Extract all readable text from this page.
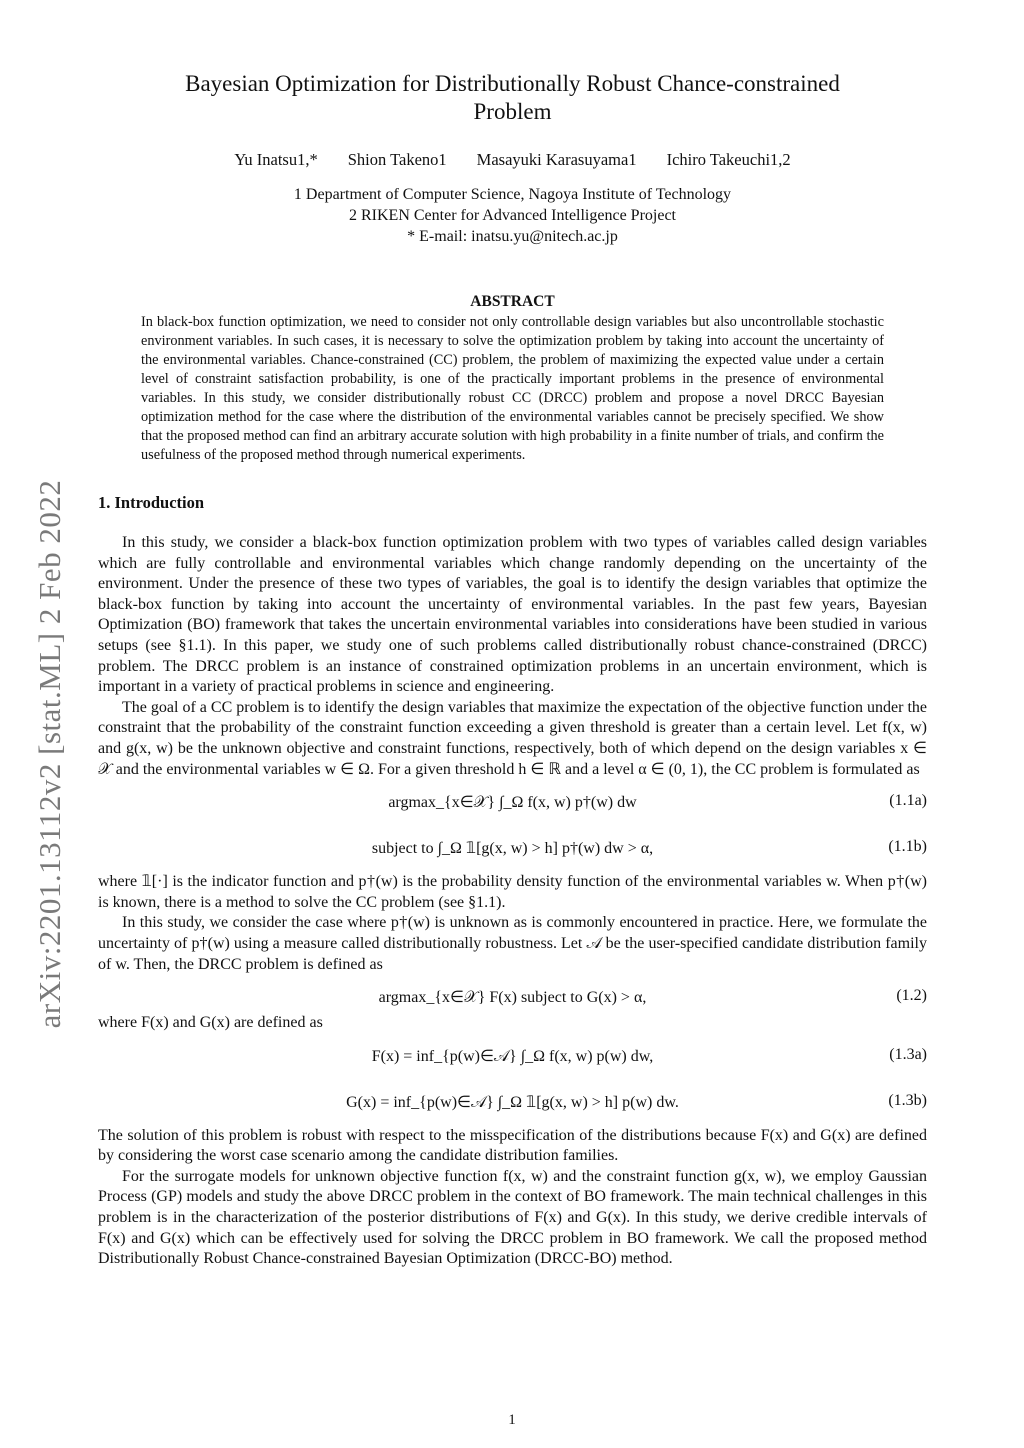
arXiv:2201.13112v2 [stat.ML] 2 Feb 2022
Bayesian Optimization for Distributionally Robust Chance-constrained Problem
Yu Inatsu1,* Shion Takeno1 Masayuki Karasuyama1 Ichiro Takeuchi1,2
1 Department of Computer Science, Nagoya Institute of Technology
2 RIKEN Center for Advanced Intelligence Project
* E-mail: inatsu.yu@nitech.ac.jp
ABSTRACT
In black-box function optimization, we need to consider not only controllable design variables but also uncontrollable stochastic environment variables. In such cases, it is necessary to solve the optimization problem by taking into account the uncertainty of the environmental variables. Chance-constrained (CC) problem, the problem of maximizing the expected value under a certain level of constraint satisfaction probability, is one of the practically important problems in the presence of environmental variables. In this study, we consider distributionally robust CC (DRCC) problem and propose a novel DRCC Bayesian optimization method for the case where the distribution of the environmental variables cannot be precisely specified. We show that the proposed method can find an arbitrary accurate solution with high probability in a finite number of trials, and confirm the usefulness of the proposed method through numerical experiments.
1. Introduction

In this study, we consider a black-box function optimization problem with two types of variables called design variables which are fully controllable and environmental variables which change randomly depending on the uncertainty of the environment. Under the presence of these two types of variables, the goal is to identify the design variables that optimize the black-box function by taking into account the uncertainty of environmental variables. In the past few years, Bayesian Optimization (BO) framework that takes the uncertain environmental variables into considerations have been studied in various setups (see §1.1). In this paper, we study one of such problems called distributionally robust chance-constrained (DRCC) problem. The DRCC problem is an instance of constrained optimization problems in an uncertain environment, which is important in a variety of practical problems in science and engineering.

The goal of a CC problem is to identify the design variables that maximize the expectation of the objective function under the constraint that the probability of the constraint function exceeding a given threshold is greater than a certain level. Let f(x, w) and g(x, w) be the unknown objective and constraint functions, respectively, both of which depend on the design variables x ∈ 𝒳 and the environmental variables w ∈ Ω. For a given threshold h ∈ ℝ and a level α ∈ (0, 1), the CC problem is formulated as

argmax_{x∈𝒳} ∫_Ω f(x, w) p†(w) dw	(1.1a)
subject to ∫_Ω 𝟙[g(x, w) > h] p†(w) dw > α,	(1.1b)

where 𝟙[·] is the indicator function and p†(w) is the probability density function of the environmental variables w. When p†(w) is known, there is a method to solve the CC problem (see §1.1).

In this study, we consider the case where p†(w) is unknown as is commonly encountered in practice. Here, we formulate the uncertainty of p†(w) using a measure called distributionally robustness. Let 𝒜 be the user-specified candidate distribution family of w. Then, the DRCC problem is defined as

argmax_{x∈𝒳} F(x) subject to G(x) > α,	(1.2)

where F(x) and G(x) are defined as

F(x) = inf_{p(w)∈𝒜} ∫_Ω f(x, w) p(w) dw,	(1.3a)
G(x) = inf_{p(w)∈𝒜} ∫_Ω 𝟙[g(x, w) > h] p(w) dw.	(1.3b)

The solution of this problem is robust with respect to the misspecification of the distributions because F(x) and G(x) are defined by considering the worst case scenario among the candidate distribution families.

For the surrogate models for unknown objective function f(x, w) and the constraint function g(x, w), we employ Gaussian Process (GP) models and study the above DRCC problem in the context of BO framework. The main technical challenges in this problem is in the characterization of the posterior distributions of F(x) and G(x). In this study, we derive credible intervals of F(x) and G(x) which can be effectively used for solving the DRCC problem in BO framework. We call the proposed method Distributionally Robust Chance-constrained Bayesian Optimization (DRCC-BO) method.

1
